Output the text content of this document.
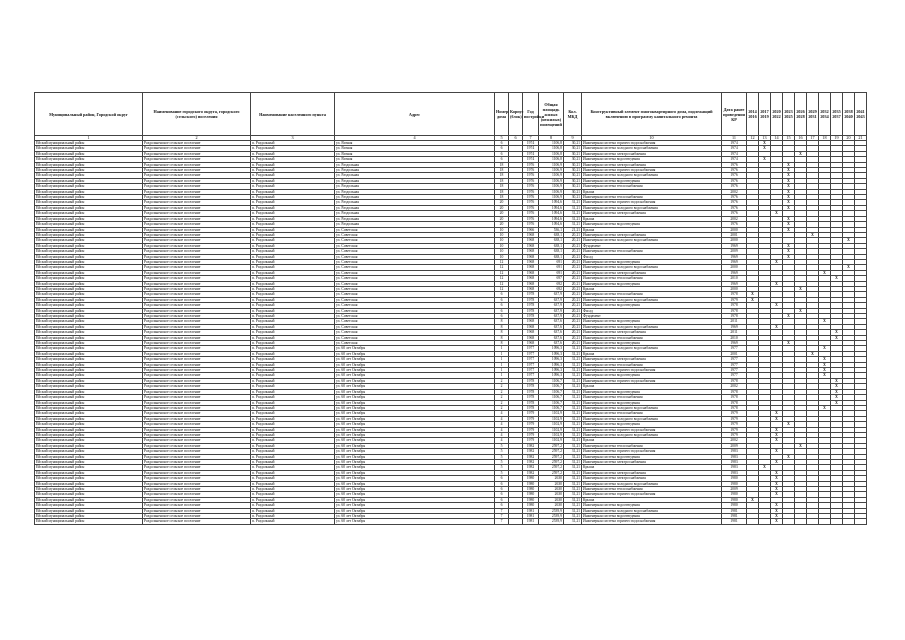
Муниципальный район, Городской округ	Наименование городского округа, городского (сельского) поселения	Наименование населенного пункта	Адрес	Номер дома	Корпус (блок)	Год постройки	Общая площадь жилых (нежилых) помещений	Кол. МКД	Конструктивный элемент многоквартирного дома, подлежащий включению в программу капитального ремонта	Дата ранее проведения КР	2014 2016	2017 2019	2020 2022	2023 2025	2026 2028	2029 2031	2032 2034	2035 2037	2038 2040	2041 2043
1	2	3	4	5	6	7	8	9	10	11	12	13	14	15	16	17	18	19	20	21
Ейский муниципальный район	Раздольненское сельское поселение	п. Раздольный	ул. Ватная	6		1974	1106,8	30,21	Инженерная система горячего водоснабжения	1974		X								
Ейский муниципальный район	Раздольненское сельское поселение	п. Раздольный	ул. Ватная	6		1974	1106,8	30,21	Инженерная система холодного водоснабжения	1974		X								
Ейский муниципальный район	Раздольненское сельское поселение	п. Раздольный	ул. Ватная	6		1974	1106,8	30,21	Инженерная система электроснабжения	1974					X					
Ейский муниципальный район	Раздольненское сельское поселение	п. Раздольный	ул. Ватная	6		1974	1106,8	30,21	Инженерная система водоотведения	1974		X								
Ейский муниципальный район	Раздольненское сельское поселение	п. Раздольный	ул. Раздольная	18		1976	1106,9	30,21	Инженерная система электроснабжения	1976				X						
Ейский муниципальный район	Раздольненское сельское поселение	п. Раздольный	ул. Раздольная	18		1976	1106,9	30,21	Инженерная система горячего водоснабжения	1976				X						
Ейский муниципальный район	Раздольненское сельское поселение	п. Раздольный	ул. Раздольная	18		1976	1106,9	30,21	Инженерная система холодного водоснабжения	1976				X						
Ейский муниципальный район	Раздольненское сельское поселение	п. Раздольный	ул. Раздольная	18		1976	1106,9	30,21	Инженерная система водоотведения	1976				X						
Ейский муниципальный район	Раздольненское сельское поселение	п. Раздольный	ул. Раздольная	18		1976	1106,9	30,21	Инженерная система теплоснабжения	1976				X						
Ейский муниципальный район	Раздольненское сельское поселение	п. Раздольный	ул. Раздольная	18		1976	1106,9	30,21	Крыша	2002				X						
Ейский муниципальный район	Раздольненское сельское поселение	п. Раздольный	ул. Раздольная	18		1976	1106,9	30,21	Инженерная система теплоснабжения	1976				X						
Ейский муниципальный район	Раздольненское сельское поселение	п. Раздольный	ул. Раздольная	20		1976	1094,6	31,21	Инженерная система горячего водоснабжения	1976				X						
Ейский муниципальный район	Раздольненское сельское поселение	п. Раздольный	ул. Раздольная	20		1976	1094,6	31,21	Инженерная система холодного водоснабжения	1976				X						
Ейский муниципальный район	Раздольненское сельское поселение	п. Раздольный	ул. Раздольная	20		1976	1094,6	31,21	Инженерная система электроснабжения	1976			X							
Ейский муниципальный район	Раздольненское сельское поселение	п. Раздольный	ул. Раздольная	20		1976	1094,6	31,21	Крыша	2002				X						
Ейский муниципальный район	Раздольненское сельское поселение	п. Раздольный	ул. Раздольная	20		1976	1094,6	31,21	Инженерная система водоотведения	1976				X						
Ейский муниципальный район	Раздольненское сельское поселение	п. Раздольный	ул. Советская	10		1966	536,1	21,21	Крыша	2000				X						
Ейский муниципальный район	Раздольненское сельское поселение	п. Раздольный	ул. Советская	10		1968	638,1	20,21	Инженерная система электроснабжения	2001						X				
Ейский муниципальный район	Раздольненское сельское поселение	п. Раздольный	ул. Советская	10		1968	638,1	20,21	Инженерная система холодного водоснабжения	2000									X	
Ейский муниципальный район	Раздольненское сельское поселение	п. Раздольный	ул. Советская	10		1968	638,1	20,21	Фундамент	1969				X						
Ейский муниципальный район	Раздольненское сельское поселение	п. Раздольный	ул. Советская	10		1968	638,1	20,21	Инженерная система теплоснабжения	2009				X						
Ейский муниципальный район	Раздольненское сельское поселение	п. Раздольный	ул. Советская	10		1968	638,1	20,21	Фасад	1969				X						
Ейский муниципальный район	Раздольненское сельское поселение	п. Раздольный	ул. Советская	12		1968	691	20,21	Инженерная система водоотведения	1969			X							
Ейский муниципальный район	Раздольненское сельское поселение	п. Раздольный	ул. Советская	12		1968	691	20,21	Инженерная система холодного водоснабжения	2000									X	
Ейский муниципальный район	Раздольненское сельское поселение	п. Раздольный	ул. Советская	12		1968	691	20,21	Инженерная система электроснабжения	1969							X			
Ейский муниципальный район	Раздольненское сельское поселение	п. Раздольный	ул. Советская	12		1968	697	20,21	Инженерная система теплоснабжения	2010								X		
Ейский муниципальный район	Раздольненское сельское поселение	п. Раздольный	ул. Советская	12		1968	692	20,21	Инженерная система водоотведения	1969			X							
Ейский муниципальный район	Раздольненское сельское поселение	п. Раздольный	ул. Советская	12		1968	692	20,21	Крыша	2000					X					
Ейский муниципальный район	Раздольненское сельское поселение	п. Раздольный	ул. Советская	6		1978	637,9	20,21	Инженерная система теплоснабжения	1978	X									
Ейский муниципальный район	Раздольненское сельское поселение	п. Раздольный	ул. Советская	6		1978	637,9	20,21	Инженерная система холодного водоснабжения	1979	X									
Ейский муниципальный район	Раздольненское сельское поселение	п. Раздольный	ул. Советская	6		1978	637,9	20,21	Инженерная система водоотведения	1978			X							
Ейский муниципальный район	Раздольненское сельское поселение	п. Раздольный	ул. Советская	6		1978	637,9	20,21	Фасад	1978					X					
Ейский муниципальный район	Раздольненское сельское поселение	п. Раздольный	ул. Советская	6		1978	637,9	20,21	Фундамент	1978				X						
Ейский муниципальный район	Раздольненское сельское поселение	п. Раздольный	ул. Советская	8		1968	637,6	20,21	Инженерная система водоотведения	2011							X			
Ейский муниципальный район	Раздольненское сельское поселение	п. Раздольный	ул. Советская	8		1968	637,6	20,21	Инженерная система холодного водоснабжения	1969			X							
Ейский муниципальный район	Раздольненское сельское поселение	п. Раздольный	ул. Советская	8		1968	637,6	20,21	Инженерная система электроснабжения	2011								X		
Ейский муниципальный район	Раздольненское сельское поселение	п. Раздольный	ул. Советская	8		1968	637,6	20,21	Инженерная система теплоснабжения	2010								X		
Ейский муниципальный район	Раздольненское сельское поселение	п. Раздольный	ул. Советская	8		1968	637,6	20,21	Инженерная система водоотведения	1969				X						
Ейский муниципальный район	Раздольненское сельское поселение	п. Раздольный	ул. 60 лет Октября	1		1977	1096,3	31,21	Инженерная система холодного водоснабжения	1977							X			
Ейский муниципальный район	Раздольненское сельское поселение	п. Раздольный	ул. 60 лет Октября	1		1977	1096,3	31,21	Крыша	2001						X				
Ейский муниципальный район	Раздольненское сельское поселение	п. Раздольный	ул. 60 лет Октября	1		1977	1096,3	31,21	Инженерная система электроснабжения	1977							X			
Ейский муниципальный район	Раздольненское сельское поселение	п. Раздольный	ул. 60 лет Октября	1		1977	1096,3	31,21	Инженерная система теплоснабжения	1977							X			
Ейский муниципальный район	Раздольненское сельское поселение	п. Раздольный	ул. 60 лет Октября	1		1977	1096,3	31,21	Инженерная система горячего водоснабжения	1977							X			
Ейский муниципальный район	Раздольненское сельское поселение	п. Раздольный	ул. 60 лет Октября	1		1977	1096,3	31,21	Инженерная система водоотведения	1977							X			
Ейский муниципальный район	Раздольненское сельское поселение	п. Раздольный	ул. 60 лет Октября	2		1978	1106,7	31,21	Инженерная система горячего водоснабжения	1978								X		
Ейский муниципальный район	Раздольненское сельское поселение	п. Раздольный	ул. 60 лет Октября	2		1978	1106,7	31,21	Крыша	2002								X		
Ейский муниципальный район	Раздольненское сельское поселение	п. Раздольный	ул. 60 лет Октября	2		1978	1106,7	31,21	Инженерная система водоотведения	1978								X		
Ейский муниципальный район	Раздольненское сельское поселение	п. Раздольный	ул. 60 лет Октября	2		1978	1106,7	31,21	Инженерная система теплоснабжения	1978								X		
Ейский муниципальный район	Раздольненское сельское поселение	п. Раздольный	ул. 60 лет Октября	2		1978	1106,7	31,21	Инженерная система водоотведения	1978								X		
Ейский муниципальный район	Раздольненское сельское поселение	п. Раздольный	ул. 60 лет Октября	2		1978	1106,7	31,21	Инженерная система холодного водоснабжения	1978							X			
Ейский муниципальный район	Раздольненское сельское поселение	п. Раздольный	ул. 60 лет Октября	4		1979	1102,9	31,21	Инженерная система теплоснабжения	1979			X							
Ейский муниципальный район	Раздольненское сельское поселение	п. Раздольный	ул. 60 лет Октября	4		1979	1102,9	31,21	Инженерная система холодного водоснабжения	1979			X							
Ейский муниципальный район	Раздольненское сельское поселение	п. Раздольный	ул. 60 лет Октября	4		1979	1102,9	31,21	Инженерная система водоотведения	1979				X						
Ейский муниципальный район	Раздольненское сельское поселение	п. Раздольный	ул. 60 лет Октября	4		1979	1102,9	31,21	Инженерная система горячего водоснабжения	1979			X							
Ейский муниципальный район	Раздольненское сельское поселение	п. Раздольный	ул. 60 лет Октября	4		1979	1102,9	31,21	Инженерная система холодного водоснабжения	1979			X							
Ейский муниципальный район	Раздольненское сельское поселение	п. Раздольный	ул. 60 лет Октября	4		1979	1102,9	31,21	Крыша	2002			X							
Ейский муниципальный район	Раздольненское сельское поселение	п. Раздольный	ул. 60 лет Октября	5		1982	2597,2	31,21	Инженерная система теплоснабжения	2009					X					
Ейский муниципальный район	Раздольненское сельское поселение	п. Раздольный	ул. 60 лет Октября	5		1982	2597,2	31,21	Инженерная система горячего водоснабжения	1983			X							
Ейский муниципальный район	Раздольненское сельское поселение	п. Раздольный	ул. 60 лет Октября	5		1982	2597,2	31,21	Инженерная система водоотведения	1983				X						
Ейский муниципальный район	Раздольненское сельское поселение	п. Раздольный	ул. 60 лет Октября	5		1982	2597,2	31,21	Инженерная система электроснабжения	1983			X							
Ейский муниципальный район	Раздольненское сельское поселение	п. Раздольный	ул. 60 лет Октября	5		1982	2597,2	31,21	Крыша	1983		X								
Ейский муниципальный район	Раздольненское сельское поселение	п. Раздольный	ул. 60 лет Октября	5		1982	2597,2	31,21	Инженерная система электроснабжения	1983			X							
Ейский муниципальный район	Раздольненское сельское поселение	п. Раздольный	ул. 60 лет Октября	6		1980	2630	31,21	Инженерная система электроснабжения	1980			X							
Ейский муниципальный район	Раздольненское сельское поселение	п. Раздольный	ул. 60 лет Октября	6		1980	2630	31,21	Инженерная система холодного водоснабжения	1980			X							
Ейский муниципальный район	Раздольненское сельское поселение	п. Раздольный	ул. 60 лет Октября	6		1980	2630	31,21	Инженерная система теплоснабжения	2009			X							
Ейский муниципальный район	Раздольненское сельское поселение	п. Раздольный	ул. 60 лет Октября	6		1980	2630	31,21	Инженерная система горячего водоснабжения	1980			X							
Ейский муниципальный район	Раздольненское сельское поселение	п. Раздольный	ул. 60 лет Октября	6		1980	2630	31,21	Крыша	1980	X									
Ейский муниципальный район	Раздольненское сельское поселение	п. Раздольный	ул. 60 лет Октября	6		1980	2630	31,21	Инженерная система водоотведения	1980			X							
Ейский муниципальный район	Раздольненское сельское поселение	п. Раздольный	ул. 60 лет Октября	7		1981	2539,9	31,21	Инженерная система холодного водоснабжения	1981			X							
Ейский муниципальный район	Раздольненское сельское поселение	п. Раздольный	ул. 60 лет Октября	7		1981	2539,9	31,21	Инженерная система водоотведения	1981			X							
Ейский муниципальный район	Раздольненское сельское поселение	п. Раздольный	ул. 60 лет Октября	7		1981	2539,9	31,21	Инженерная система горячего водоснабжения	1981			X							
